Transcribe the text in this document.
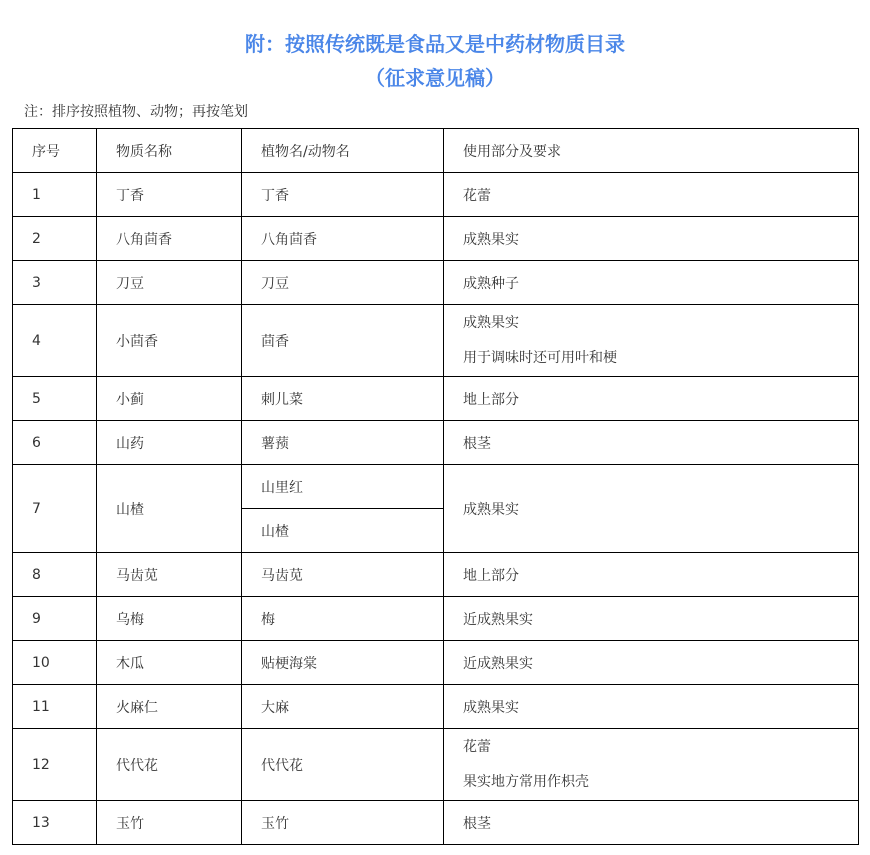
附：按照传统既是食品又是中药材物质目录
（征求意见稿）

注：排序按照植物、动物；再按笔划

序号	物质名称	植物名/动物名	使用部分及要求
1	丁香	丁香	花蕾
2	八角茴香	八角茴香	成熟果实
3	刀豆	刀豆	成熟种子
4	小茴香	茴香	成熟果实
用于调味时还可用叶和梗

5	小蓟	刺儿菜	地上部分
6	山药	薯蓣	根茎
7	山楂	山里红	成熟果实
		山楂	
8	马齿苋	马齿苋	地上部分
9	乌梅	梅	近成熟果实
10	木瓜	贴梗海棠	近成熟果实
11	火麻仁	大麻	成熟果实
12	代代花	代代花	花蕾
果实地方常用作枳壳

13	玉竹	玉竹	根茎
